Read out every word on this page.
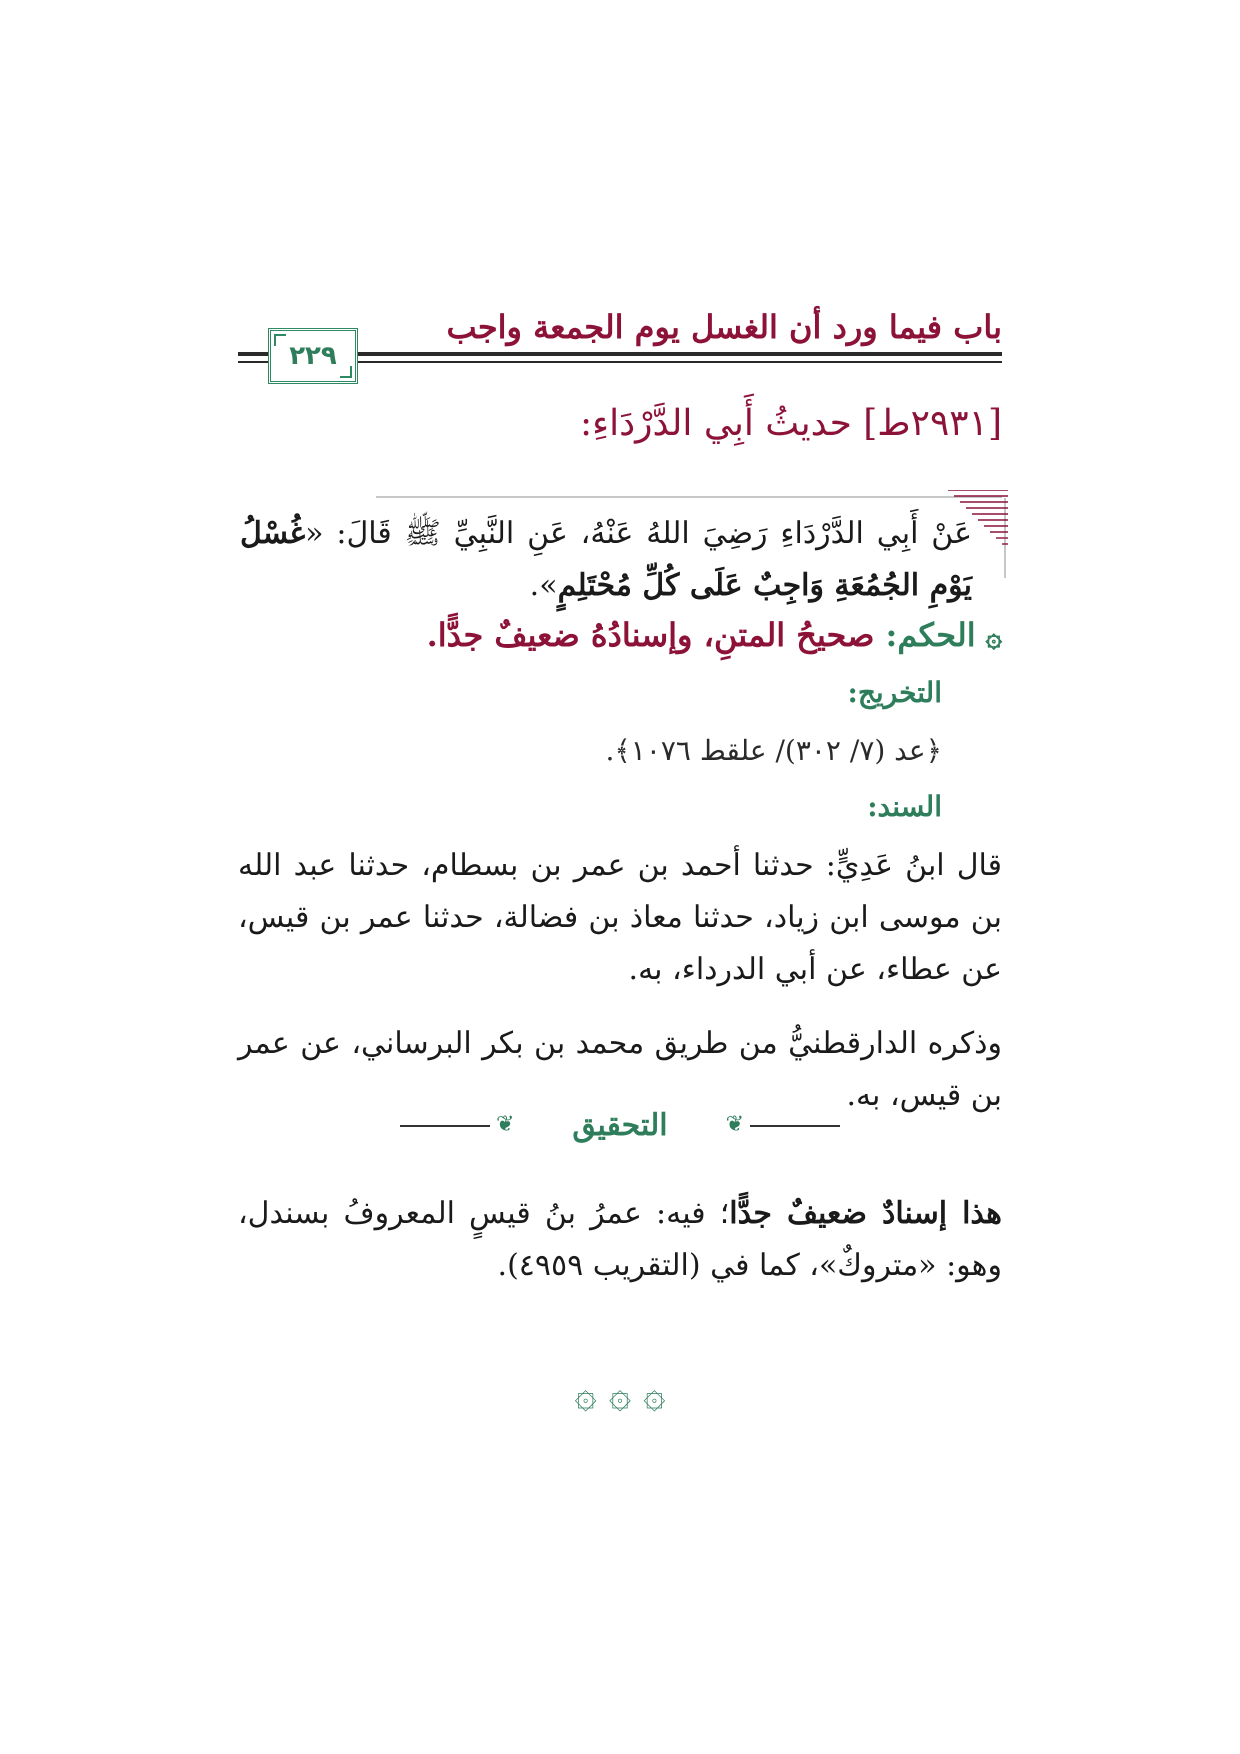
باب فيما ورد أن الغسل يوم الجمعة واجب
٢٢٩
[٢٩٣١ط] حديثُ أَبِي الدَّرْدَاءِ:
عَنْ أَبِي الدَّرْدَاءِ رَضِيَ اللهُ عَنْهُ، عَنِ النَّبِيِّ ﷺ قَالَ: «غُسْلُ يَوْمِ الجُمُعَةِ وَاجِبٌ عَلَى كُلِّ مُحْتَلِمٍ».
۞الحكم: صحيحُ المتنِ، وإسنادُهُ ضعيفٌ جدًّا.
التخريج:
﴿عد (٧/ ٣٠٢)/ علقط ١٠٧٦﴾.
السند:
قال ابنُ عَدِيٍّ: حدثنا أحمد بن عمر بن بسطام، حدثنا عبد الله بن موسى ابن زياد، حدثنا معاذ بن فضالة، حدثنا عمر بن قيس، عن عطاء، عن أبي الدرداء، به.
وذكره الدارقطنيُّ من طريق محمد بن بكر البرساني، عن عمر بن قيس، به.
❦	التحقيق	❦
هذا إسنادٌ ضعيفٌ جدًّا؛ فيه: عمرُ بنُ قيسٍ المعروفُ بسندل، وهو: «متروكٌ»، كما في (التقريب ٤٩٥٩).
۞ ۞ ۞
